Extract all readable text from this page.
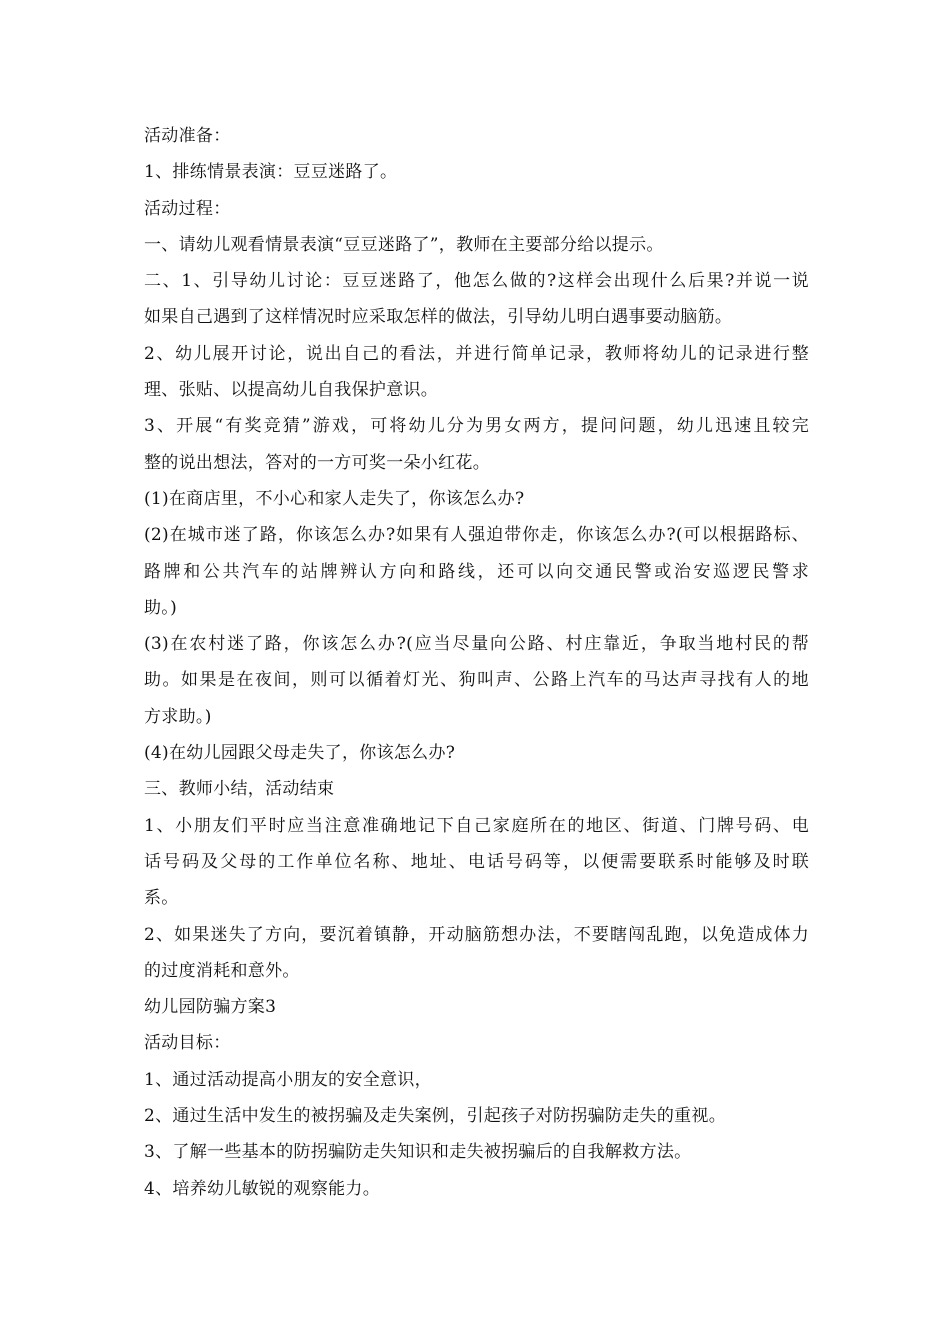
活动准备：
1、排练情景表演：豆豆迷路了。
活动过程：
一、请幼儿观看情景表演“豆豆迷路了”，教师在主要部分给以提示。
二、1、引导幼儿讨论：豆豆迷路了，他怎么做的?这样会出现什么后果?并说一说
如果自己遇到了这样情况时应采取怎样的做法，引导幼儿明白遇事要动脑筋。
2、幼儿展开讨论，说出自己的看法，并进行简单记录，教师将幼儿的记录进行整
理、张贴、以提高幼儿自我保护意识。
3、开展“有奖竞猜”游戏，可将幼儿分为男女两方，提问问题，幼儿迅速且较完
整的说出想法，答对的一方可奖一朵小红花。
(1)在商店里，不小心和家人走失了，你该怎么办?
(2)在城市迷了路，你该怎么办?如果有人强迫带你走，你该怎么办?(可以根据路标、
路牌和公共汽车的站牌辨认方向和路线，还可以向交通民警或治安巡逻民警求
助。)
(3)在农村迷了路，你该怎么办?(应当尽量向公路、村庄靠近，争取当地村民的帮
助。如果是在夜间，则可以循着灯光、狗叫声、公路上汽车的马达声寻找有人的地
方求助。)
(4)在幼儿园跟父母走失了，你该怎么办?
三、教师小结，活动结束
1、小朋友们平时应当注意准确地记下自己家庭所在的地区、街道、门牌号码、电
话号码及父母的工作单位名称、地址、电话号码等，以便需要联系时能够及时联
系。
2、如果迷失了方向，要沉着镇静，开动脑筋想办法，不要瞎闯乱跑，以免造成体力
的过度消耗和意外。
幼儿园防骗方案3
活动目标：
1、通过活动提高小朋友的安全意识，
2、通过生活中发生的被拐骗及走失案例，引起孩子对防拐骗防走失的重视。
3、了解一些基本的防拐骗防走失知识和走失被拐骗后的自我解救方法。
4、培养幼儿敏锐的观察能力。
